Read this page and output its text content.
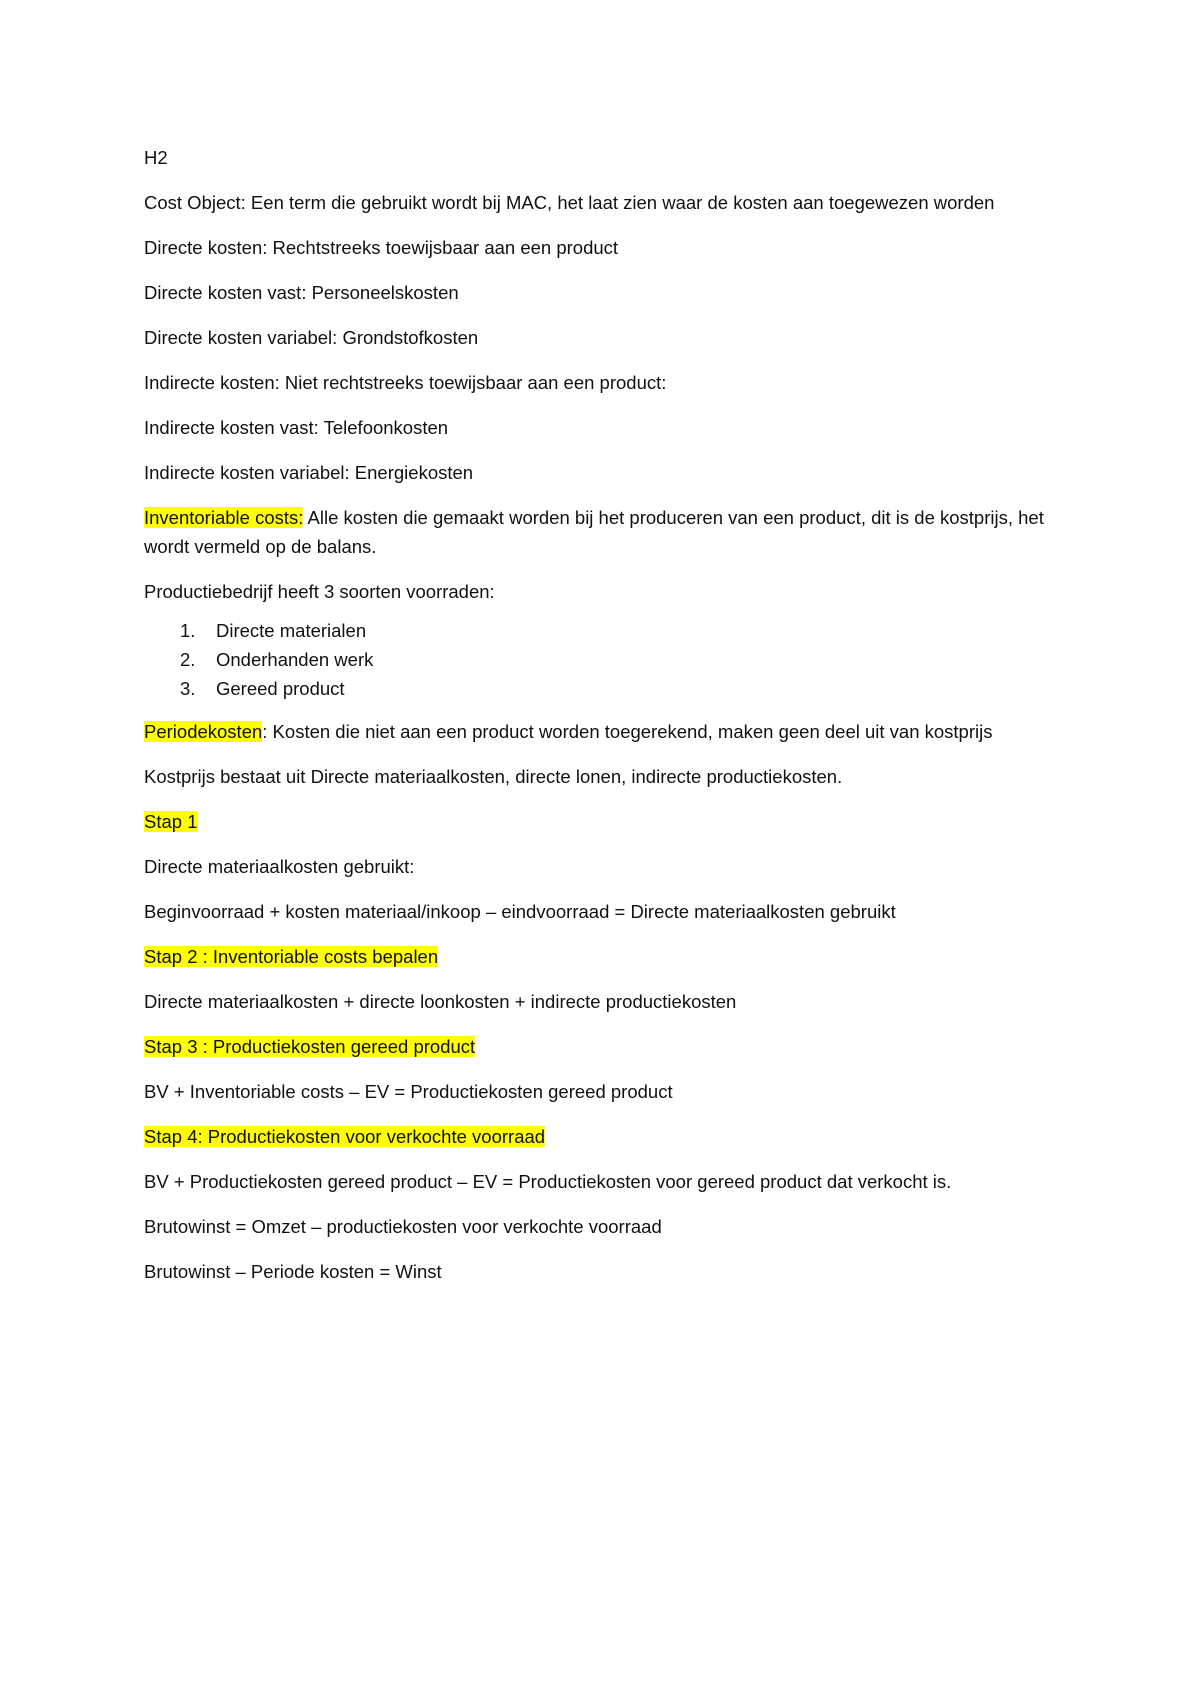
H2

Cost Object: Een term die gebruikt wordt bij MAC, het laat zien waar de kosten aan toegewezen worden

Directe kosten: Rechtstreeks toewijsbaar aan een product

Directe kosten vast: Personeelskosten

Directe kosten variabel: Grondstofkosten

Indirecte kosten: Niet rechtstreeks toewijsbaar aan een product:

Indirecte kosten vast: Telefoonkosten

Indirecte kosten variabel: Energiekosten

Inventoriable costs: Alle kosten die gemaakt worden bij het produceren van een product, dit is de kostprijs, het wordt vermeld op de balans.

Productiebedrijf heeft 3 soorten voorraden:

1.	Directe materialen
2.	Onderhanden werk
3.	Gereed product

Periodekosten: Kosten die niet aan een product worden toegerekend, maken geen deel uit van kostprijs

Kostprijs bestaat uit Directe materiaalkosten, directe lonen, indirecte productiekosten.

Stap 1

Directe materiaalkosten gebruikt:

Beginvoorraad + kosten materiaal/inkoop – eindvoorraad = Directe materiaalkosten gebruikt

Stap 2 : Inventoriable costs bepalen

Directe materiaalkosten + directe loonkosten + indirecte productiekosten

Stap 3 : Productiekosten gereed product

BV + Inventoriable costs – EV = Productiekosten gereed product

Stap 4: Productiekosten voor verkochte voorraad

BV + Productiekosten gereed product – EV = Productiekosten voor gereed product dat verkocht is.

Brutowinst = Omzet – productiekosten voor verkochte voorraad

Brutowinst – Periode kosten = Winst
